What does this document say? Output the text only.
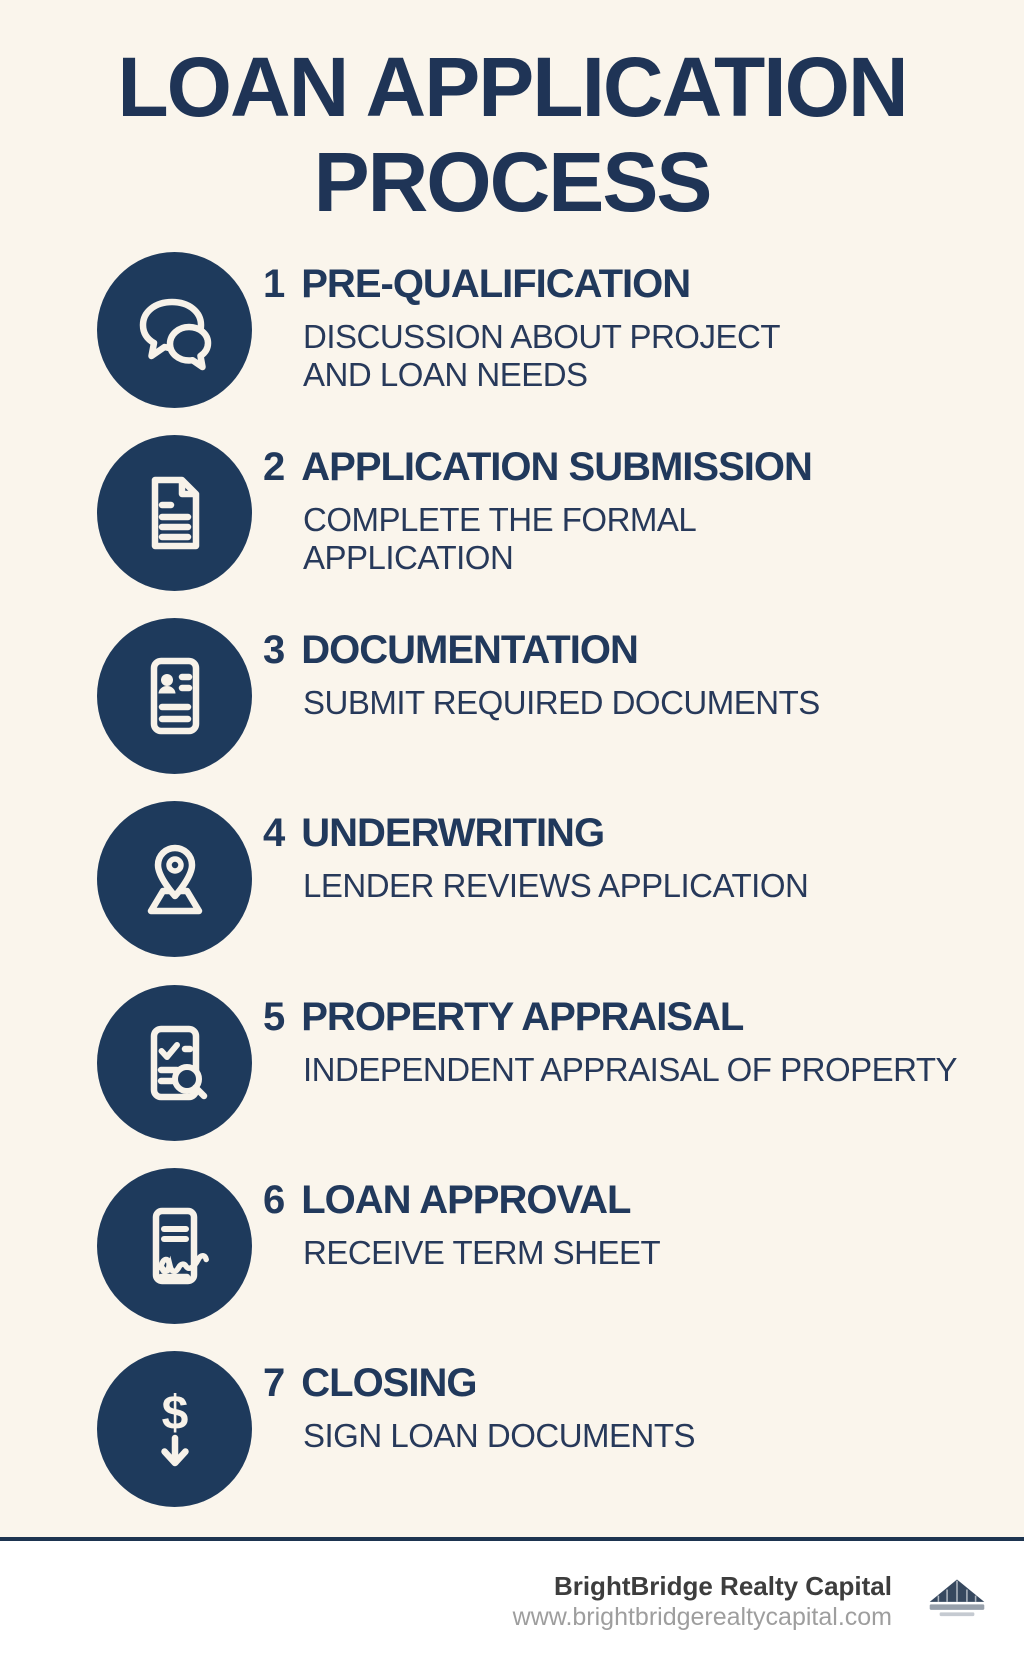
LOAN APPLICATION
PROCESS
1 PRE-QUALIFICATION
DISCUSSION ABOUT PROJECT
AND LOAN NEEDS
2 APPLICATION SUBMISSION
COMPLETE THE FORMAL
APPLICATION
3 DOCUMENTATION
SUBMIT REQUIRED DOCUMENTS
4 UNDERWRITING
LENDER REVIEWS APPLICATION
5 PROPERTY APPRAISAL
INDEPENDENT APPRAISAL OF PROPERTY
6 LOAN APPROVAL
RECEIVE TERM SHEET
$
7 CLOSING
SIGN LOAN DOCUMENTS
BrightBridge Realty Capital
www.brightbridgerealtycapital.com
